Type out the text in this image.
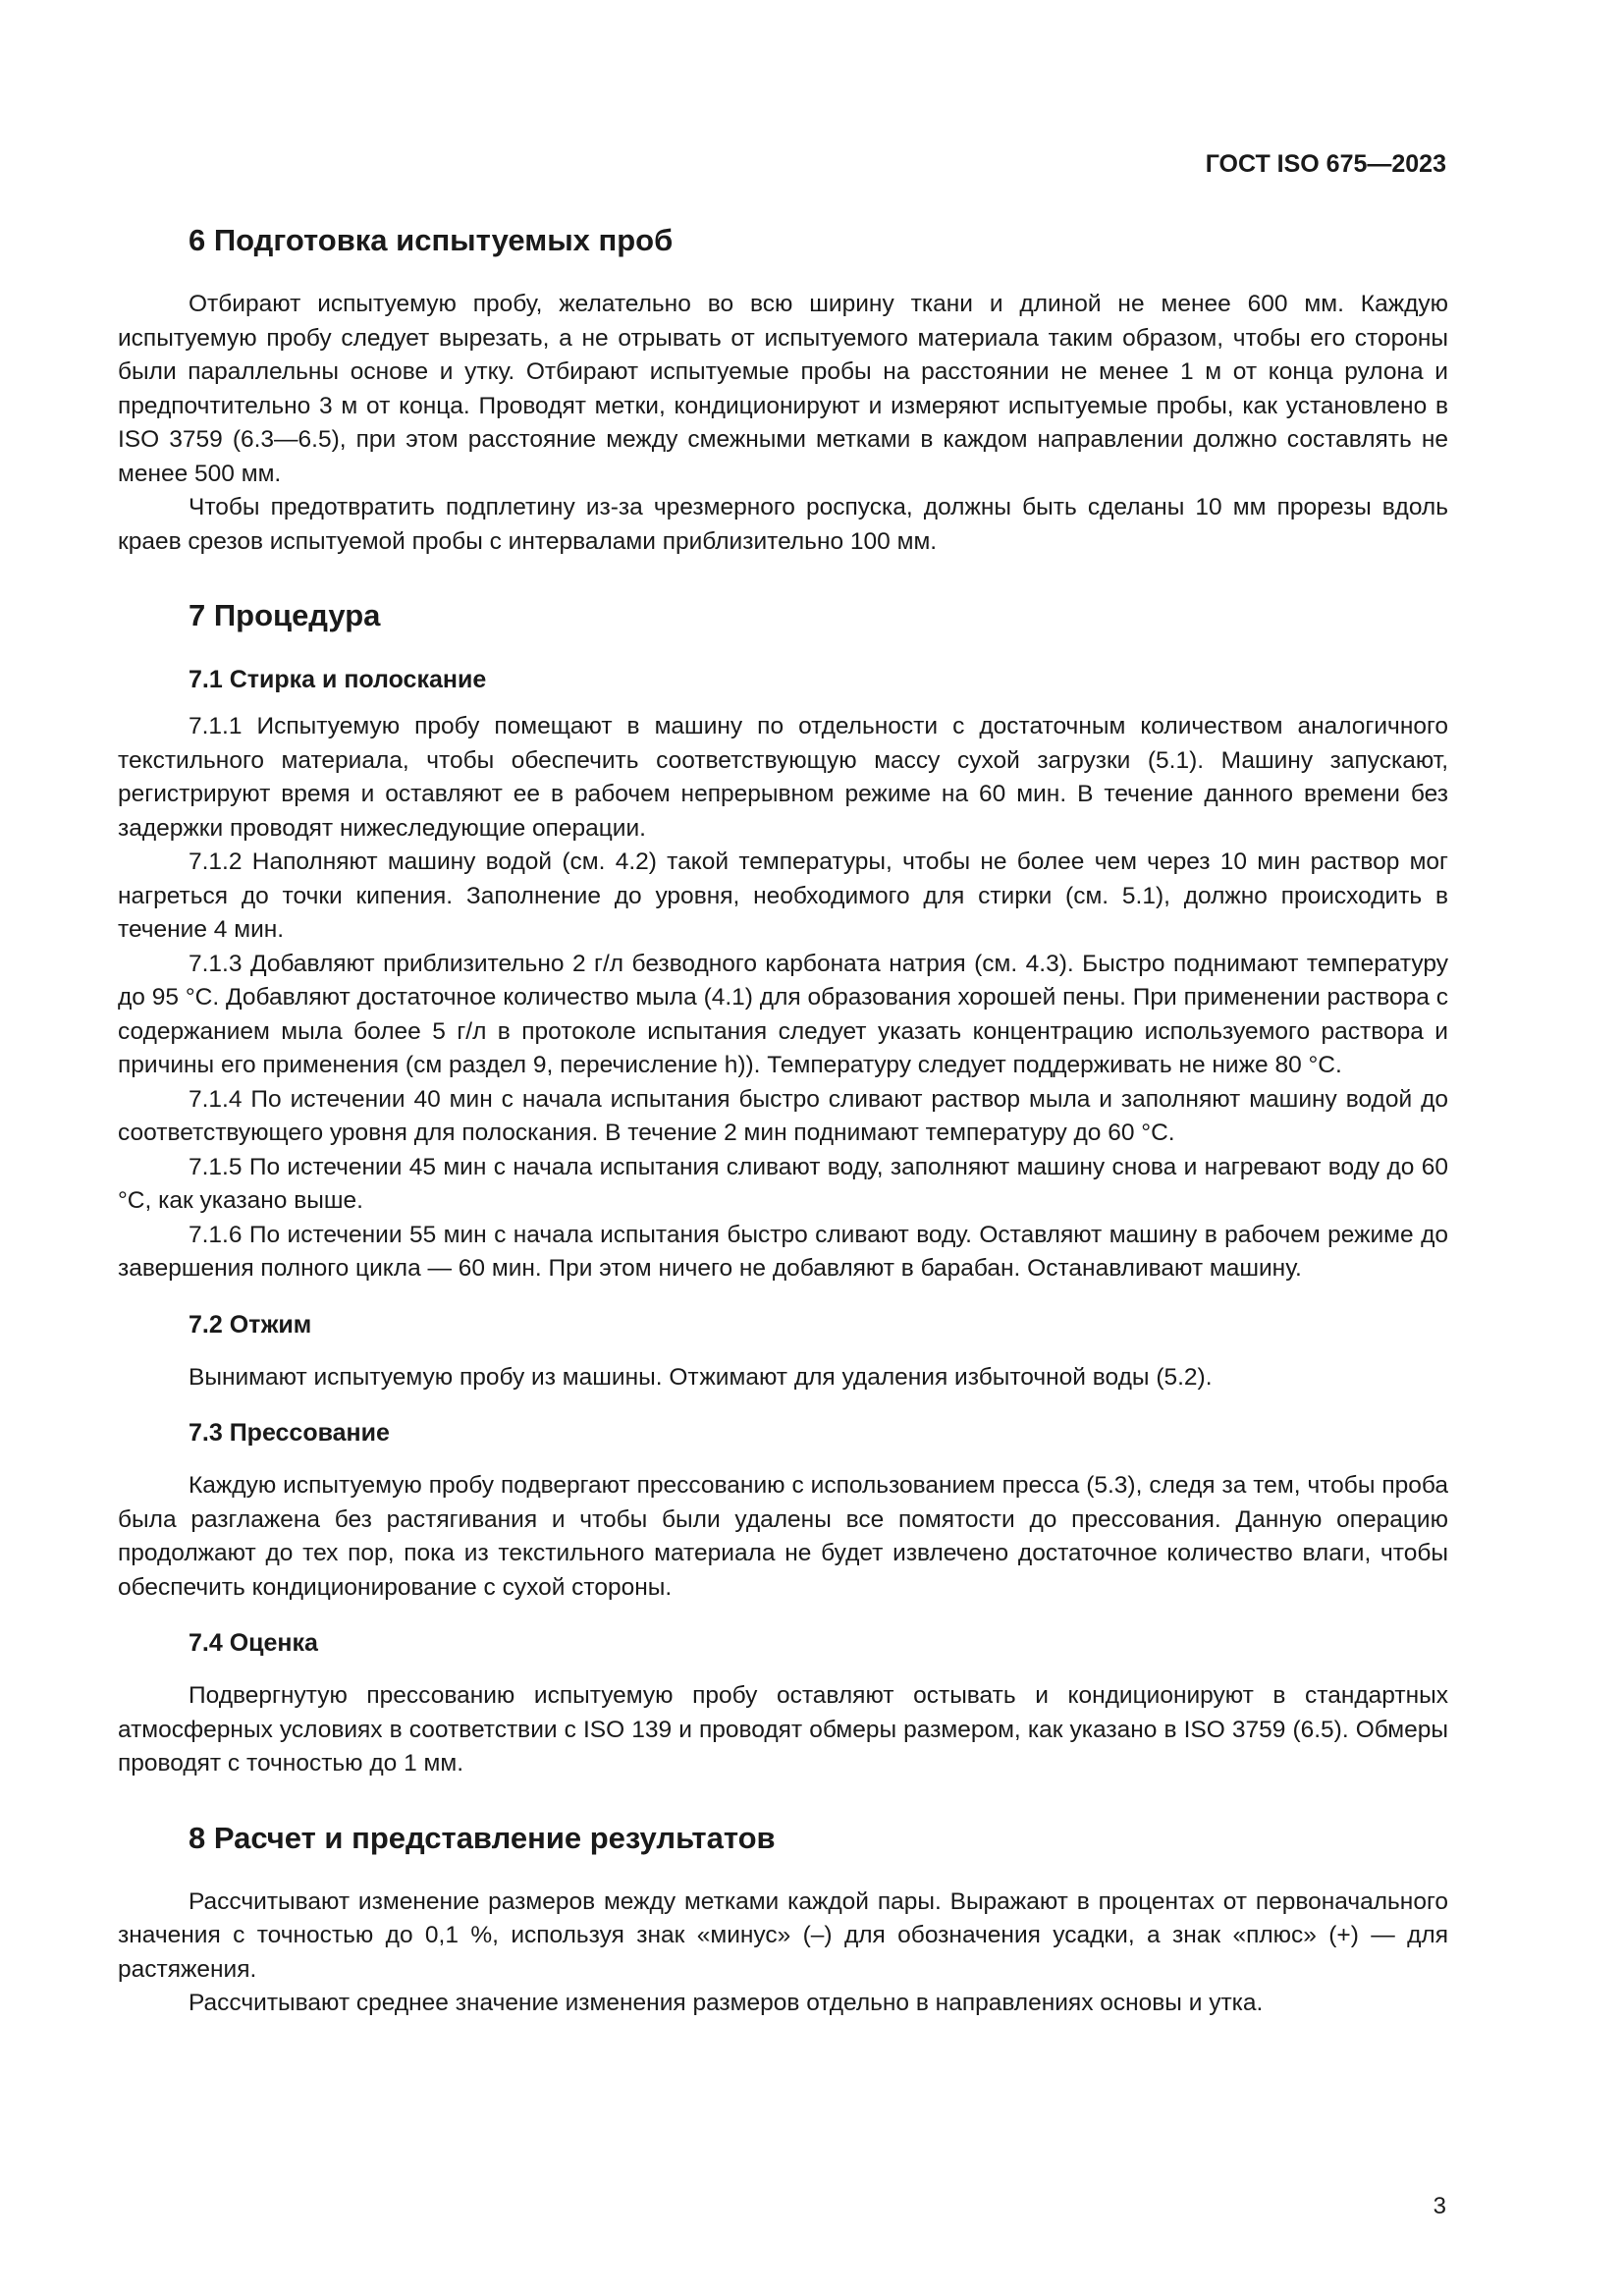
ГОСТ ISO 675—2023
6 Подготовка испытуемых проб

Отбирают испытуемую пробу, желательно во всю ширину ткани и длиной не менее 600 мм. Каждую испытуемую пробу следует вырезать, а не отрывать от испытуемого материала таким образом, чтобы его стороны были параллельны основе и утку. Отбирают испытуемые пробы на расстоянии не менее 1 м от конца рулона и предпочтительно 3 м от конца. Проводят метки, кондиционируют и измеряют испытуемые пробы, как установлено в ISO 3759 (6.3—6.5), при этом расстояние между смежными метками в каждом направлении должно составлять не менее 500 мм.

Чтобы предотвратить подплетину из-за чрезмерного роспуска, должны быть сделаны 10 мм прорезы вдоль краев срезов испытуемой пробы с интервалами приблизительно 100 мм.

7 Процедура
7.1 Стирка и полоскание

7.1.1 Испытуемую пробу помещают в машину по отдельности с достаточным количеством аналогичного текстильного материала, чтобы обеспечить соответствующую массу сухой загрузки (5.1). Машину запускают, регистрируют время и оставляют ее в рабочем непрерывном режиме на 60 мин. В течение данного времени без задержки проводят нижеследующие операции.

7.1.2 Наполняют машину водой (см. 4.2) такой температуры, чтобы не более чем через 10 мин раствор мог нагреться до точки кипения. Заполнение до уровня, необходимого для стирки (см. 5.1), должно происходить в течение 4 мин.

7.1.3 Добавляют приблизительно 2 г/л безводного карбоната натрия (см. 4.3). Быстро поднимают температуру до 95 °С. Добавляют достаточное количество мыла (4.1) для образования хорошей пены. При применении раствора с содержанием мыла более 5 г/л в протоколе испытания следует указать концентрацию используемого раствора и причины его применения (см раздел 9, перечисление h)). Температуру следует поддерживать не ниже 80 °С.

7.1.4 По истечении 40 мин с начала испытания быстро сливают раствор мыла и заполняют машину водой до соответствующего уровня для полоскания. В течение 2 мин поднимают температуру до 60 °С.

7.1.5 По истечении 45 мин с начала испытания сливают воду, заполняют машину снова и нагревают воду до 60 °С, как указано выше.

7.1.6 По истечении 55 мин с начала испытания быстро сливают воду. Оставляют машину в рабочем режиме до завершения полного цикла — 60 мин. При этом ничего не добавляют в барабан. Останавливают машину.

7.2 Отжим

Вынимают испытуемую пробу из машины. Отжимают для удаления избыточной воды (5.2).

7.3 Прессование

Каждую испытуемую пробу подвергают прессованию с использованием пресса (5.3), следя за тем, чтобы проба была разглажена без растягивания и чтобы были удалены все помятости до прессования. Данную операцию продолжают до тех пор, пока из текстильного материала не будет извлечено достаточное количество влаги, чтобы обеспечить кондиционирование с сухой стороны.

7.4 Оценка

Подвергнутую прессованию испытуемую пробу оставляют остывать и кондиционируют в стандартных атмосферных условиях в соответствии с ISO 139 и проводят обмеры размером, как указано в ISO 3759 (6.5). Обмеры проводят с точностью до 1 мм.

8 Расчет и представление результатов

Рассчитывают изменение размеров между метками каждой пары. Выражают в процентах от первоначального значения с точностью до 0,1 %, используя знак «минус» (–) для обозначения усадки, а знак «плюс» (+) — для растяжения.

Рассчитывают среднее значение изменения размеров отдельно в направлениях основы и утка.

3
